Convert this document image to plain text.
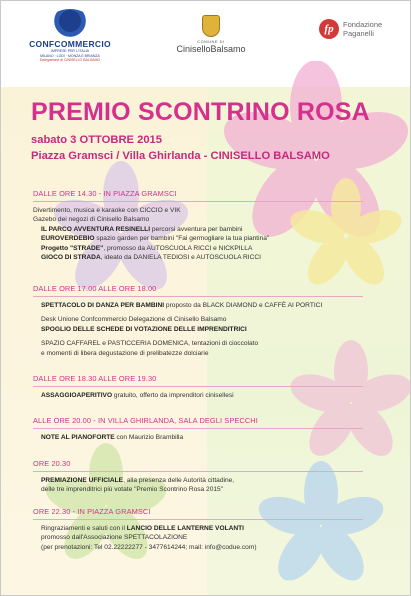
CONFCOMMERCIO
IMPRESE PER L'ITALIA
MILANO · LODI · MONZA E BRIANZA
Delegazione di CINISELLO BALSAMO
COMUNE DI
CiniselloBalsamo
fp	Fondazione
Paganelli
PREMIO SCONTRINO ROSA
sabato 3 OTTOBRE 2015
Piazza Gramsci / Villa Ghirlanda - CINISELLO BALSAMO
DALLE ORE 14.30 - IN PIAZZA GRAMSCI
Divertimento, musica e karaoke con CICCIO e VIK
Gazebo dei negozi di Cinisello Balsamo
IL PARCO AVVENTURA RESINELLI percorsi avventura per bambini
EUROVERDEBIO spazio garden per bambini "Fai germogliare la tua piantina"
Progetto "STRADE", promosso da AUTOSCUOLA RICCI e NICKPILLA
GIOCO DI STRADA, ideato da DANIELA TEDIOSI e AUTOSCUOLA RICCI
DALLE ORE 17.00 ALLE ORE 18.00
SPETTACOLO DI DANZA PER BAMBINI proposto da BLACK DIAMOND e CAFFÈ AI PORTICI
Desk Unione Confcommercio Delegazione di Cinisello Balsamo
SPOGLIO DELLE SCHEDE DI VOTAZIONE DELLE IMPRENDITRICI
SPAZIO CAFFAREL e PASTICCERIA DOMENICA, tentazioni di cioccolato
e momenti di libera degustazione di prelibatezze dolciarie
DALLE ORE 18.30 ALLE ORE 19.30
ASSAGGIOAPERITIVO gratuito, offerto da imprenditori cinisellesi
ALLE ORE 20.00 - IN VILLA GHIRLANDA, SALA DEGLI SPECCHI
NOTE AL PIANOFORTE con Maurizio Brambilla
ORE 20.30
PREMIAZIONE UFFICIALE, alla presenza delle Autorità cittadine,
delle tre imprenditrici più votate "Premio Scontrino Rosa 2015"
ORE 22.30 - IN PIAZZA GRAMSCI
Ringraziamenti e saluti con il LANCIO DELLE LANTERNE VOLANTI
promosso dall'Associazione SPETTACOLAZIONE
(per prenotazioni: Tel 02.22222277 - 3477614244; mail: info@codue.com)
